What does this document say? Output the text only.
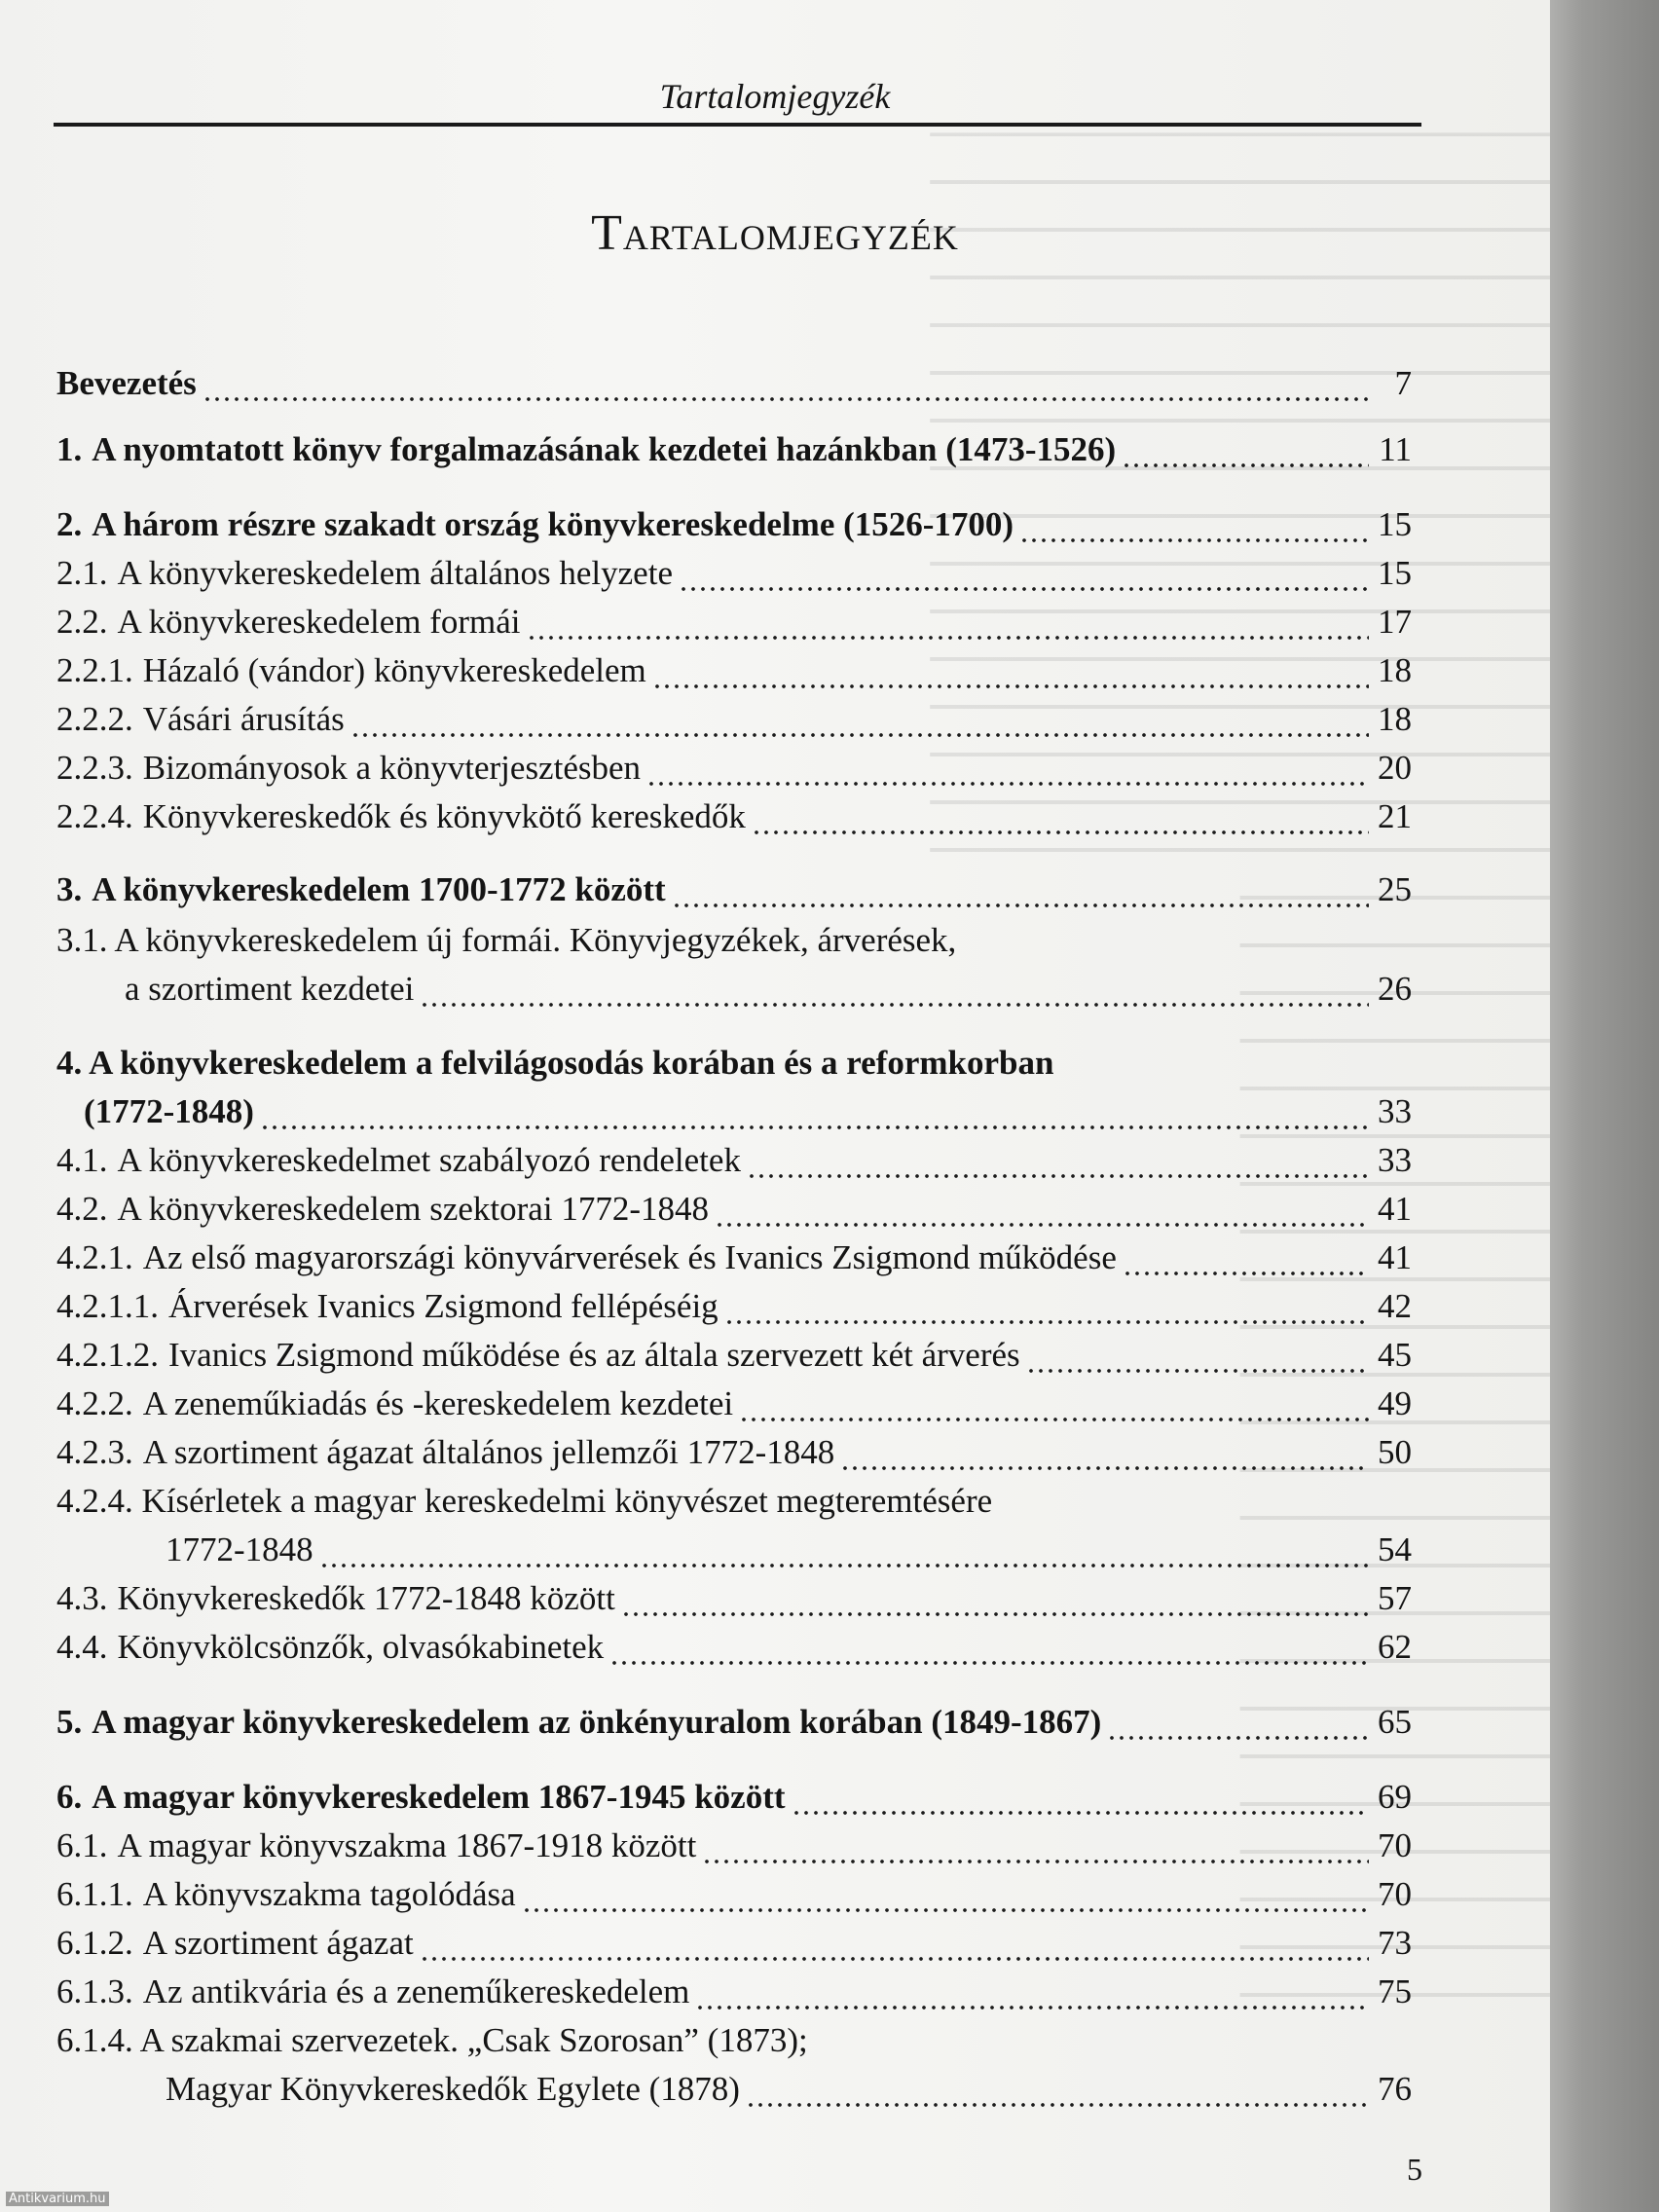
Tartalomjegyzék
Tartalomjegyzék
Bevezetés	7
1. A nyomtatott könyv forgalmazásának kezdetei hazánkban (1473-1526)	11
2. A három részre szakadt ország könyvkereskedelme (1526-1700)	15
2.1. A könyvkereskedelem általános helyzete	15
2.2. A könyvkereskedelem formái	17
2.2.1. Házaló (vándor) könyvkereskedelem	18
2.2.2. Vásári árusítás	18
2.2.3. Bizományosok a könyvterjesztésben	20
2.2.4. Könyvkereskedők és könyvkötő kereskedők	21
3. A könyvkereskedelem 1700-1772 között	25
3.1. A könyvkereskedelem új formái. Könyvjegyzékek, árverések,
a szortiment kezdetei	26
4. A könyvkereskedelem a felvilágosodás korában és a reformkorban
(1772-1848)	33
4.1. A könyvkereskedelmet szabályozó rendeletek	33
4.2. A könyvkereskedelem szektorai 1772-1848	41
4.2.1. Az első magyarországi könyvárverések és Ivanics Zsigmond működése	41
4.2.1.1. Árverések Ivanics Zsigmond fellépéséig	42
4.2.1.2. Ivanics Zsigmond működése és az általa szervezett két árverés	45
4.2.2. A zeneműkiadás és -kereskedelem kezdetei	49
4.2.3. A szortiment ágazat általános jellemzői 1772-1848	50
4.2.4. Kísérletek a magyar kereskedelmi könyvészet megteremtésére
1772-1848	54
4.3. Könyvkereskedők 1772-1848 között	57
4.4. Könyvkölcsönzők, olvasókabinetek	62
5. A magyar könyvkereskedelem az önkényuralom korában (1849-1867)	65
6. A magyar könyvkereskedelem 1867-1945 között	69
6.1. A magyar könyvszakma 1867-1918 között	70
6.1.1. A könyvszakma tagolódása	70
6.1.2. A szortiment ágazat	73
6.1.3. Az antikvária és a zeneműkereskedelem	75
6.1.4. A szakmai szervezetek. „Csak Szorosan” (1873);
Magyar Könyvkereskedők Egylete (1878)	76
5
Antikvarium.hu
